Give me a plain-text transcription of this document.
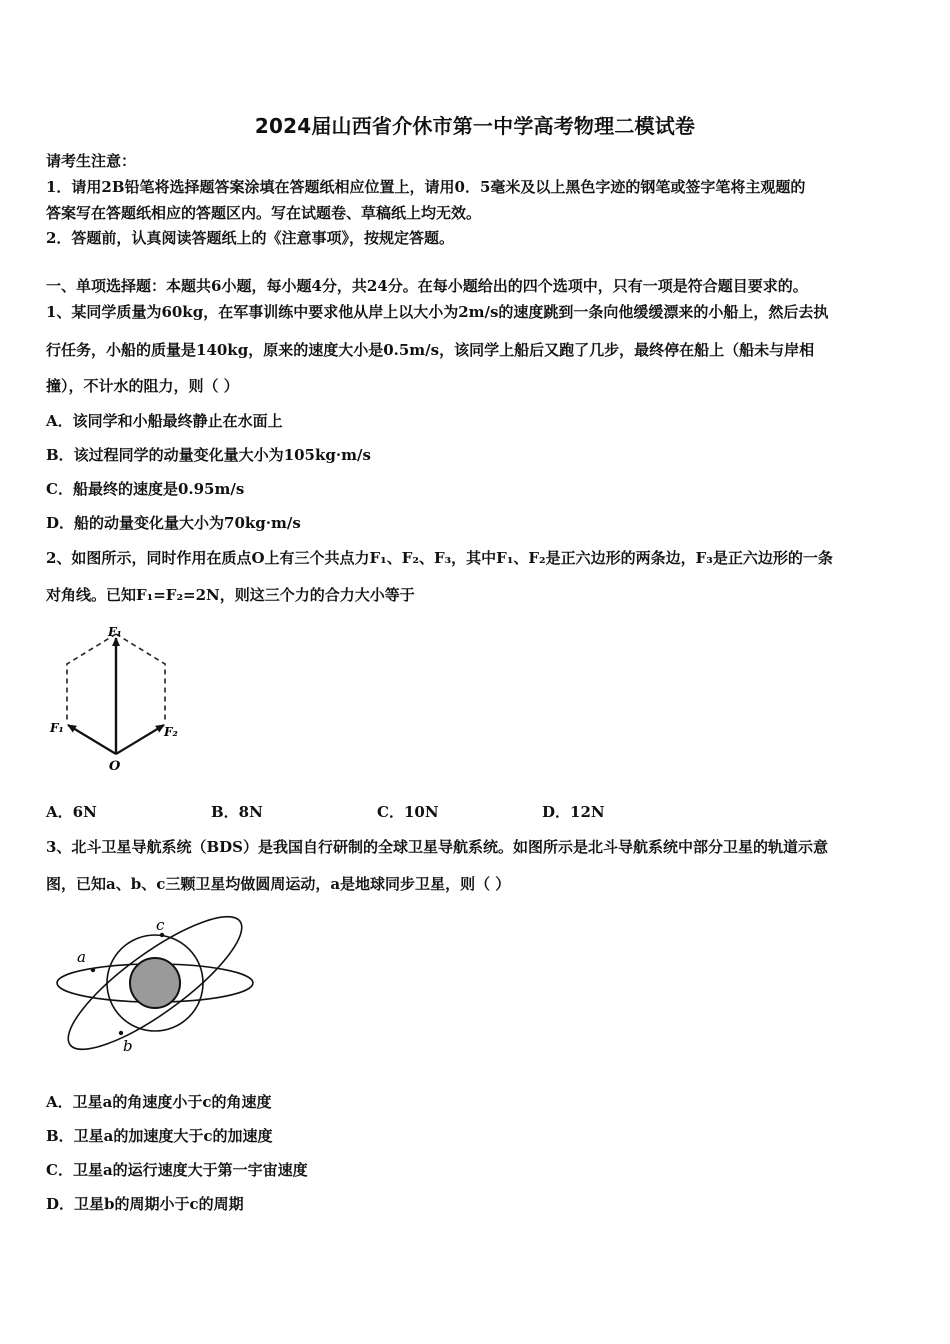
2024届山西省介休市第一中学高考物理二模试卷
请考生注意：
1．请用2B铅笔将选择题答案涂填在答题纸相应位置上，请用0．5毫米及以上黑色字迹的钢笔或签字笔将主观题的
答案写在答题纸相应的答题区内。写在试题卷、草稿纸上均无效。
2．答题前，认真阅读答题纸上的《注意事项》，按规定答题。
一、单项选择题：本题共6小题，每小题4分，共24分。在每小题给出的四个选项中，只有一项是符合题目要求的。
1、某同学质量为60kg，在军事训练中要求他从岸上以大小为2m/s的速度跳到一条向他缓缓漂来的小船上，然后去执
行任务，小船的质量是140kg，原来的速度大小是0.5m/s，该同学上船后又跑了几步，最终停在船上（船未与岸相
撞），不计水的阻力，则（ ）
A．该同学和小船最终静止在水面上
B．该过程同学的动量变化量大小为105kg·m/s
C．船最终的速度是0.95m/s
D．船的动量变化量大小为70kg·m/s
2、如图所示，同时作用在质点O上有三个共点力F₁、F₂、F₃，其中F₁、F₂是正六边形的两条边，F₃是正六边形的一条
对角线。已知F₁=F₂=2N，则这三个力的合力大小等于
F₁
F₁	F₂
O
A．6N	B．8N	C．10N	D．12N
3、北斗卫星导航系统（BDS）是我国自行研制的全球卫星导航系统。如图所示是北斗导航系统中部分卫星的轨道示意
图，已知a、b、c三颗卫星均做圆周运动，a是地球同步卫星，则（ ）
a
b
c
A．卫星a的角速度小于c的角速度
B．卫星a的加速度大于c的加速度
C．卫星a的运行速度大于第一宇宙速度
D．卫星b的周期小于c的周期
